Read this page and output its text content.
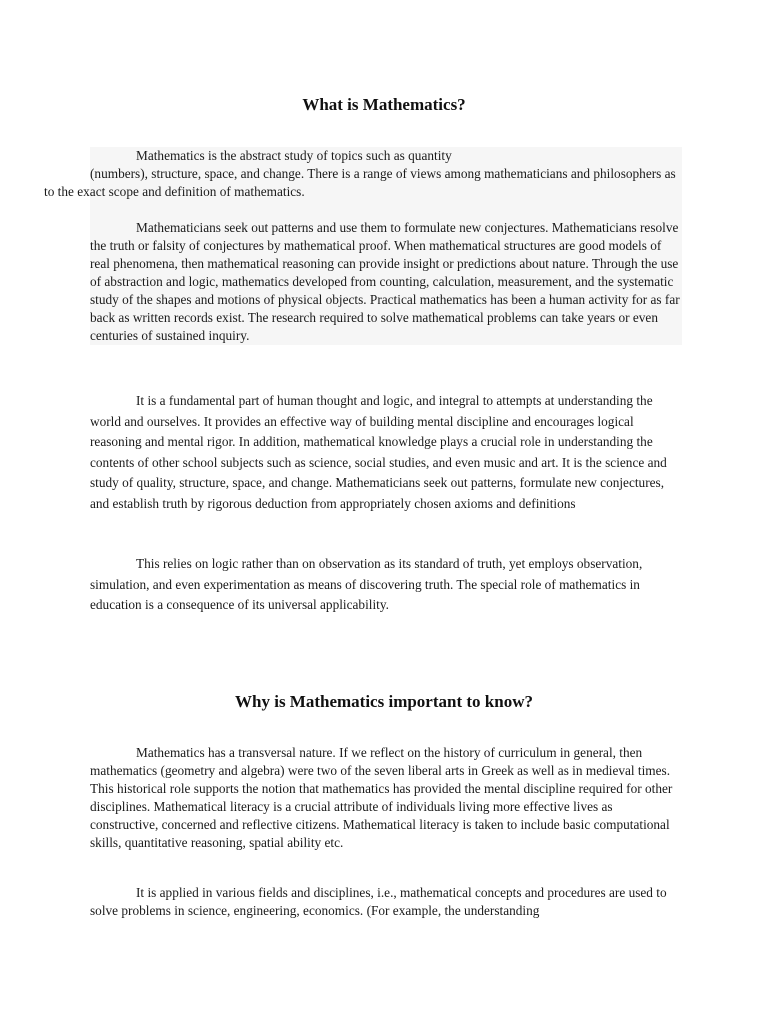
What is Mathematics?

Mathematics is the abstract study of topics such as quantity
(numbers), structure, space, and change. There is a range of views among mathematicians and philosophers as to the exact scope and definition of mathematics.

Mathematicians seek out patterns and use them to formulate new conjectures. Mathematicians resolve the truth or falsity of conjectures by mathematical proof. When mathematical structures are good models of real phenomena, then mathematical reasoning can provide insight or predictions about nature. Through the use of abstraction and logic, mathematics developed from counting, calculation, measurement, and the systematic study of the shapes and motions of physical objects. Practical mathematics has been a human activity for as far back as written records exist. The research required to solve mathematical problems can take years or even centuries of sustained inquiry.

It is a fundamental part of human thought and logic, and integral to attempts at understanding the world and ourselves. It provides an effective way of building mental discipline and encourages logical reasoning and mental rigor. In addition, mathematical knowledge plays a crucial role in understanding the contents of other school subjects such as science, social studies, and even music and art. It is the science and study of quality, structure, space, and change. Mathematicians seek out patterns, formulate new conjectures, and establish truth by rigorous deduction from appropriately chosen axioms and definitions

This relies on logic rather than on observation as its standard of truth, yet employs observation, simulation, and even experimentation as means of discovering truth. The special role of mathematics in education is a consequence of its universal applicability.

Why is Mathematics important to know?

Mathematics has a transversal nature. If we reflect on the history of curriculum in general, then mathematics (geometry and algebra) were two of the seven liberal arts in Greek as well as in medieval times. This historical role supports the notion that mathematics has provided the mental discipline required for other disciplines. Mathematical literacy is a crucial attribute of individuals living more effective lives as constructive, concerned and reflective citizens. Mathematical literacy is taken to include basic computational skills, quantitative reasoning, spatial ability etc.

It is applied in various fields and disciplines, i.e., mathematical concepts and procedures are used to solve problems in science, engineering, economics. (For example, the understanding
